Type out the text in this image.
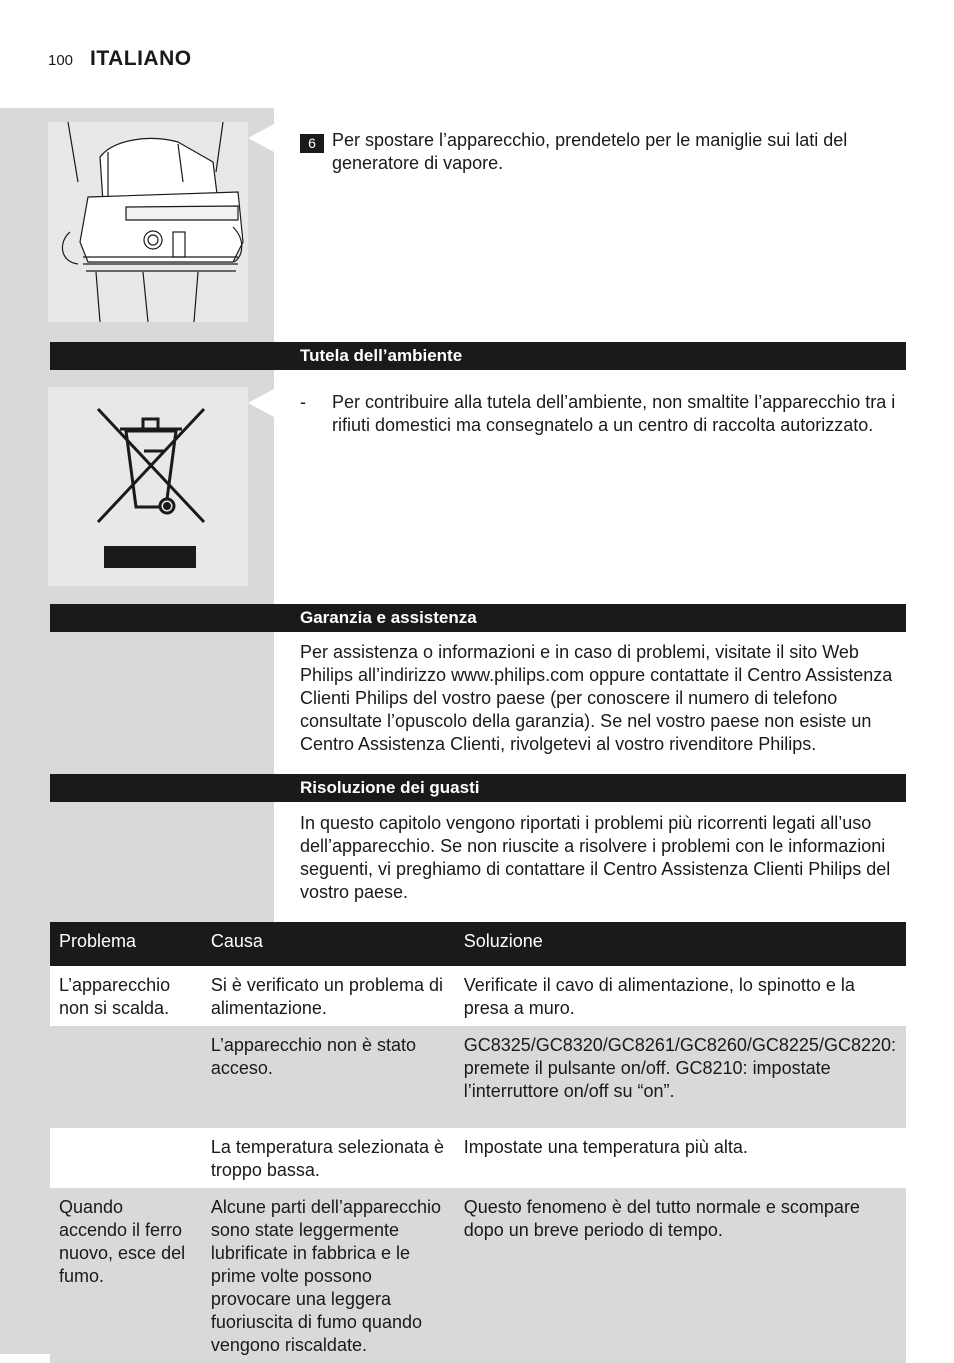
100 ITALIANO
6 Per spostare l’apparecchio, prendetelo per le maniglie sui lati del generatore di vapore.
Tutela dell’ambiente
-	Per contribuire alla tutela dell’ambiente, non smaltite l’apparecchio tra i rifiuti domestici ma consegnatelo a un centro di raccolta autorizzato.
Garanzia e assistenza
Per assistenza o informazioni e in caso di problemi, visitate il sito Web Philips all’indirizzo www.philips.com oppure contattate il Centro Assistenza Clienti Philips del vostro paese (per conoscere il numero di telefono consultate l’opuscolo della garanzia). Se nel vostro paese non esiste un Centro Assistenza Clienti, rivolgetevi al vostro rivenditore Philips.
Risoluzione dei guasti
In questo capitolo vengono riportati i problemi più ricorrenti legati all’uso dell’apparecchio. Se non riuscite a risolvere i problemi con le informazioni seguenti, vi preghiamo di contattare il Centro Assistenza Clienti Philips del vostro paese.
Problema	Causa	Soluzione
L’apparecchio non si scalda.	Si è verificato un problema di alimentazione.	Verificate il cavo di alimentazione, lo spinotto e la presa a muro.
	L’apparecchio non è stato acceso.	GC8325/GC8320/GC8261/GC8260/GC8225/GC8220: premete il pulsante on/off. GC8210: impostate l’interruttore on/off su “on”.
	La temperatura selezionata è troppo bassa.	Impostate una temperatura più alta.
Quando accendo il ferro nuovo, esce del fumo.	Alcune parti dell’apparecchio sono state leggermente lubrificate in fabbrica e le prime volte possono provocare una leggera fuoriuscita di fumo quando vengono riscaldate.	Questo fenomeno è del tutto normale e scompare dopo un breve periodo di tempo.
